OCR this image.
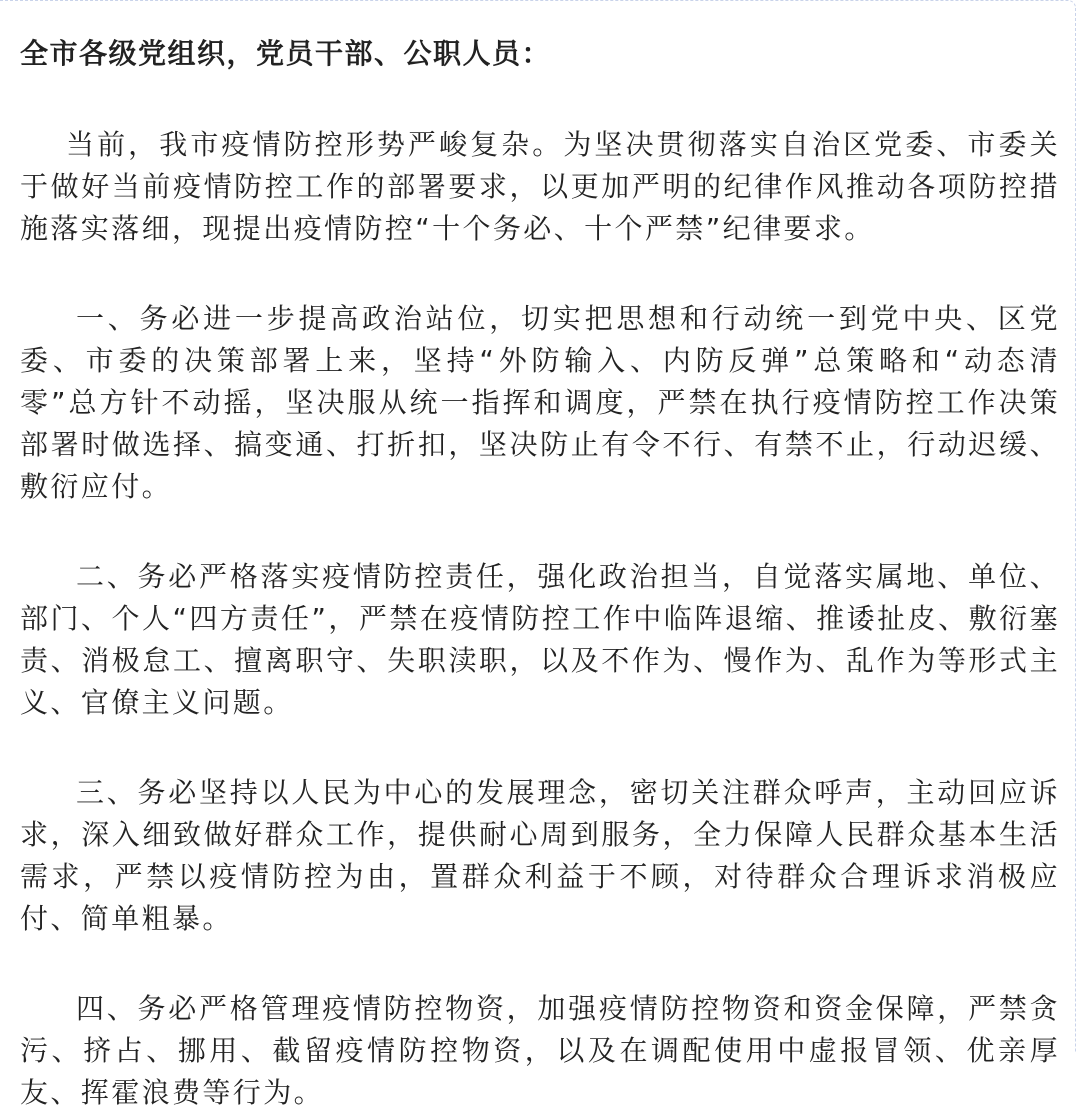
全市各级党组织，党员干部、公职人员：

当前，我市疫情防控形势严峻复杂。为坚决贯彻落实自治区党委、市委关于做好当前疫情防控工作的部署要求，以更加严明的纪律作风推动各项防控措施落实落细，现提出疫情防控“十个务必、十个严禁”纪律要求。

一、务必进一步提高政治站位，切实把思想和行动统一到党中央、区党委、市委的决策部署上来，坚持“外防输入、内防反弹”总策略和“动态清零”总方针不动摇，坚决服从统一指挥和调度，严禁在执行疫情防控工作决策部署时做选择、搞变通、打折扣，坚决防止有令不行、有禁不止，行动迟缓、敷衍应付。

二、务必严格落实疫情防控责任，强化政治担当，自觉落实属地、单位、部门、个人“四方责任”，严禁在疫情防控工作中临阵退缩、推诿扯皮、敷衍塞责、消极怠工、擅离职守、失职渎职，以及不作为、慢作为、乱作为等形式主义、官僚主义问题。

三、务必坚持以人民为中心的发展理念，密切关注群众呼声，主动回应诉求，深入细致做好群众工作，提供耐心周到服务，全力保障人民群众基本生活需求，严禁以疫情防控为由，置群众利益于不顾，对待群众合理诉求消极应付、简单粗暴。

四、务必严格管理疫情防控物资，加强疫情防控物资和资金保障，严禁贪污、挤占、挪用、截留疫情防控物资，以及在调配使用中虚报冒领、优亲厚友、挥霍浪费等行为。
